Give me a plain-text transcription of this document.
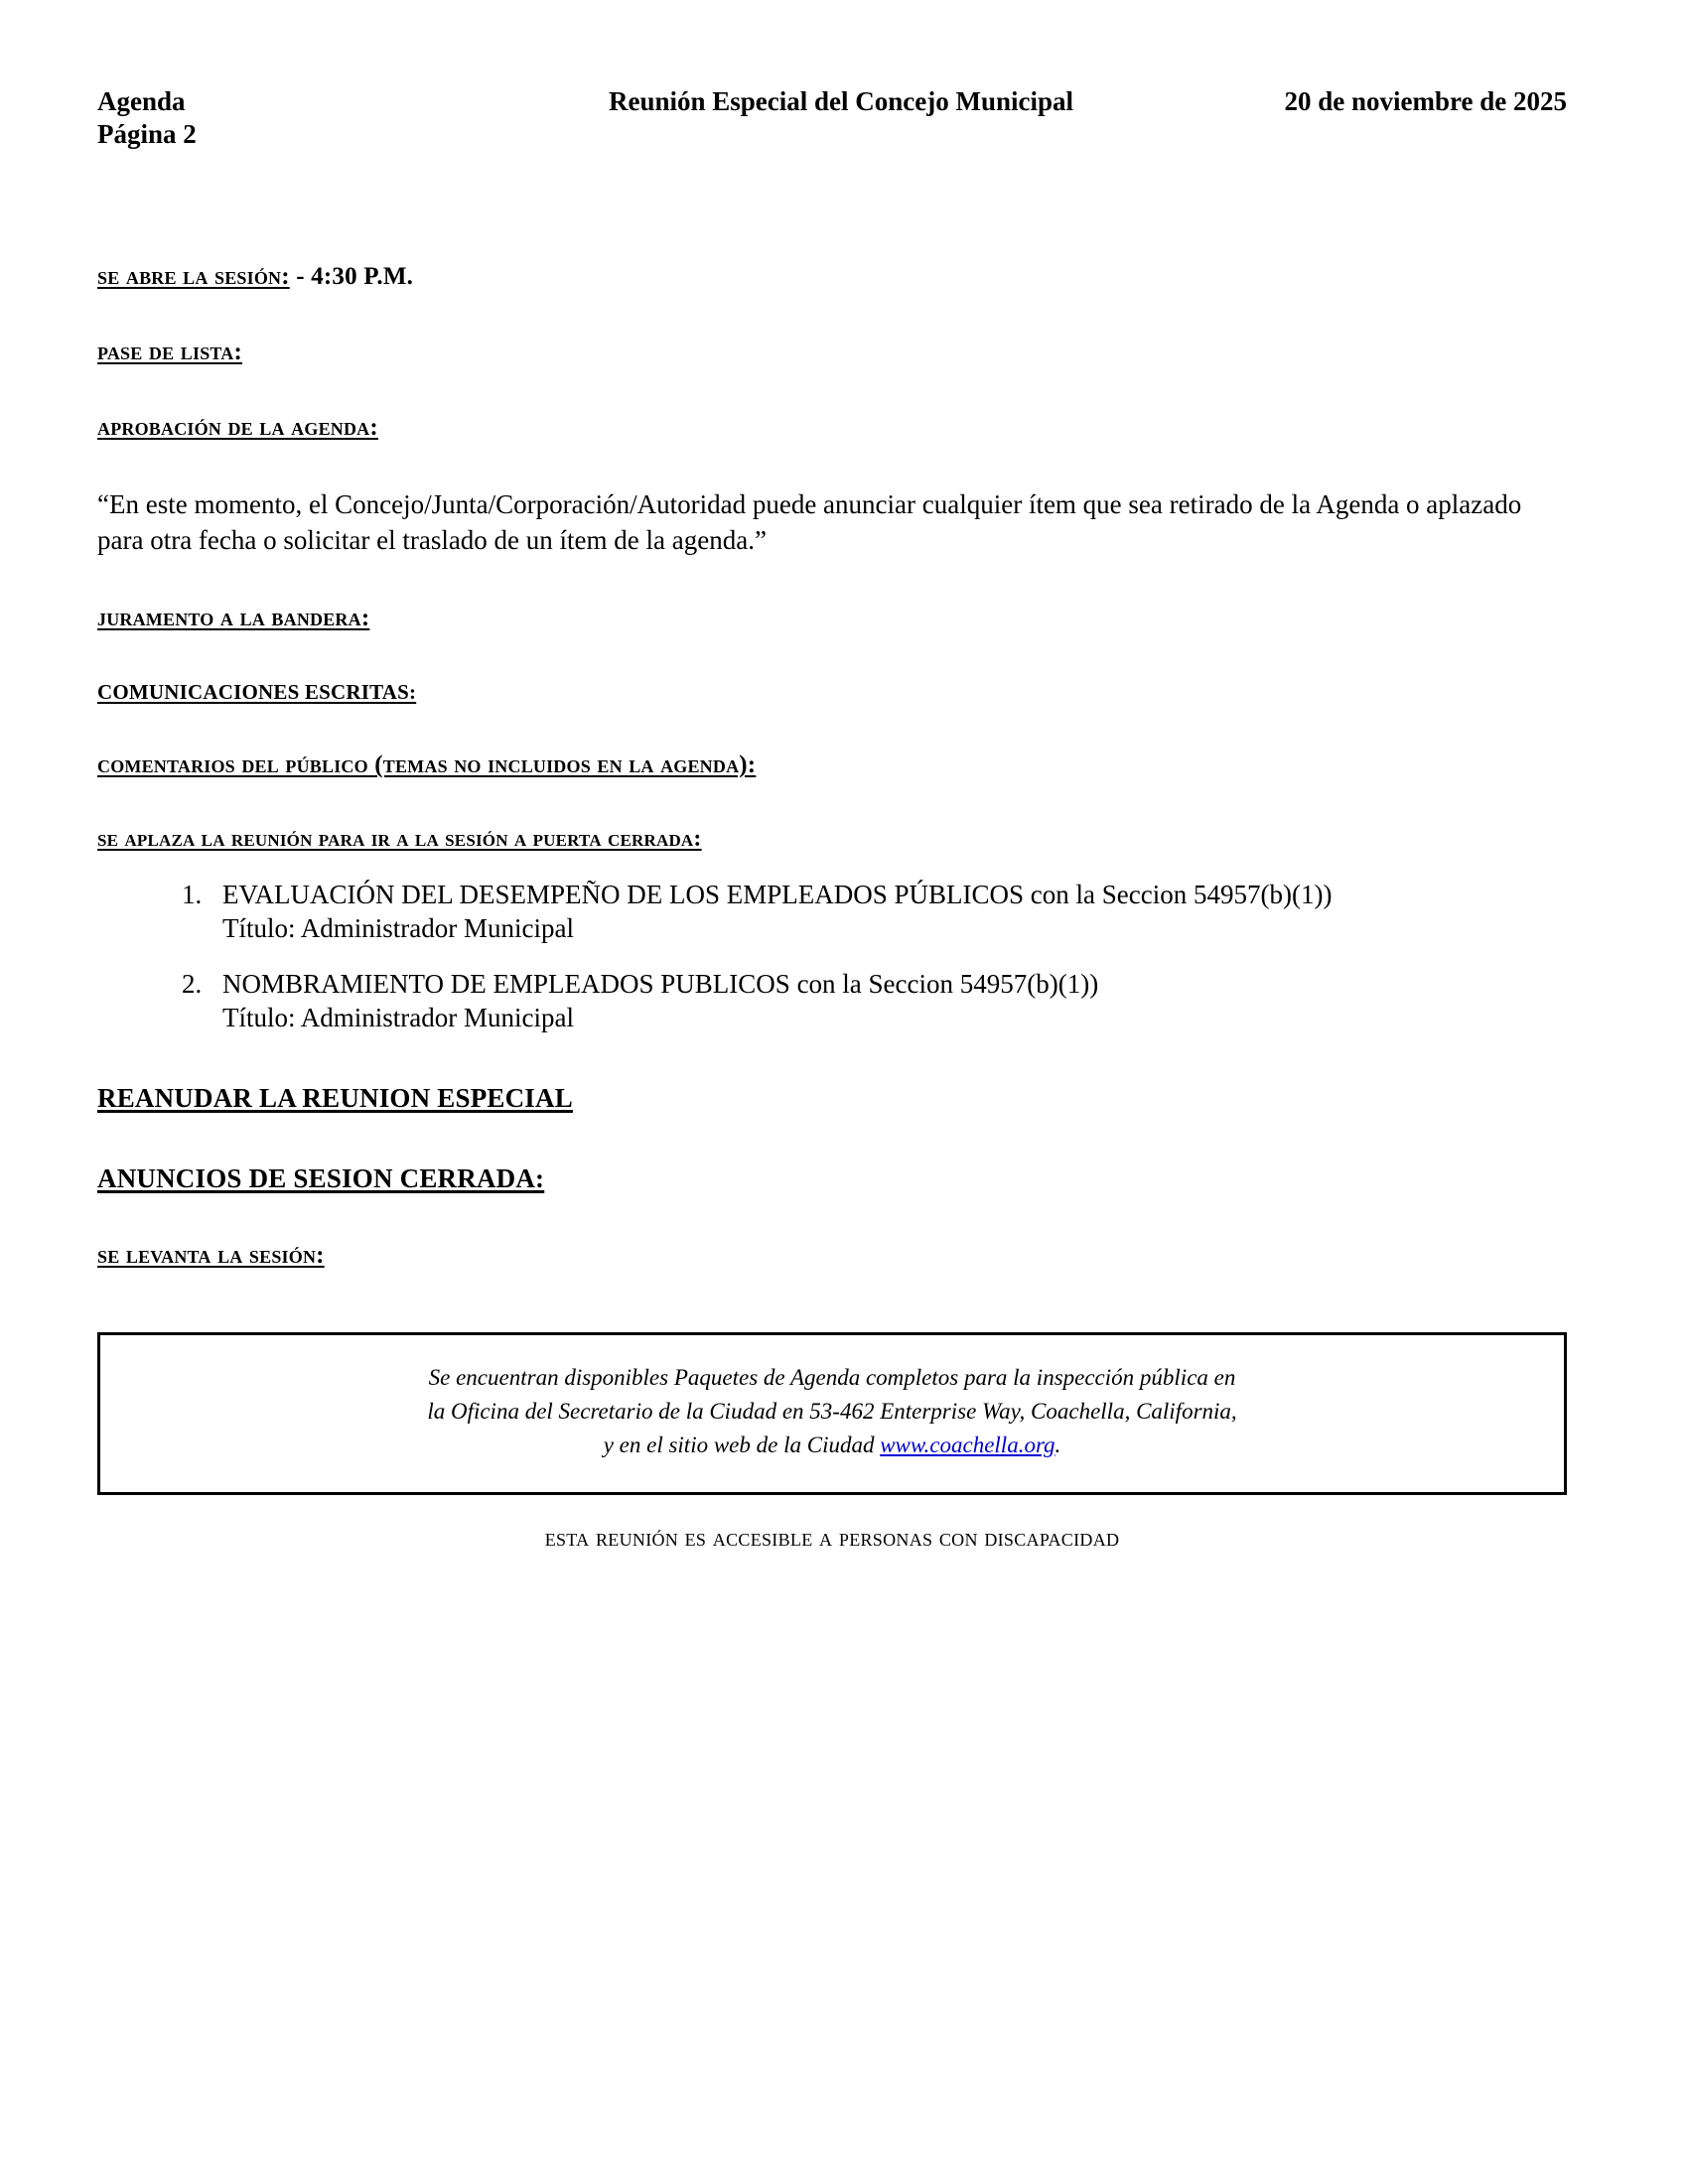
Agenda
Página 2
Reunión Especial del Concejo Municipal	20 de noviembre de 2025
se abre la sesión: - 4:30 P.M.
pase de lista:
aprobación de la agenda:
“En este momento, el Concejo/Junta/Corporación/Autoridad puede anunciar cualquier ítem que sea retirado de la Agenda o aplazado para otra fecha o solicitar el traslado de un ítem de la agenda.”
juramento a la bandera:
COMUNICACIONES ESCRITAS:
comentarios del público (temas no incluidos en la agenda):
se aplaza la reunión para ir a la sesión a puerta cerrada:
1. EVALUACIÓN DEL DESEMPEÑO DE LOS EMPLEADOS PÚBLICOS con la Seccion 54957(b)(1))
Título: Administrador Municipal
2. NOMBRAMIENTO DE EMPLEADOS PUBLICOS con la Seccion 54957(b)(1))
Título: Administrador Municipal
REANUDAR LA REUNION ESPECIAL
ANUNCIOS DE SESION CERRADA:
se levanta la sesión:
Se encuentran disponibles Paquetes de Agenda completos para la inspección pública en
la Oficina del Secretario de la Ciudad en 53-462 Enterprise Way, Coachella, California,
y en el sitio web de la Ciudad www.coachella.org.
esta reunión es accesible a personas con discapacidad
